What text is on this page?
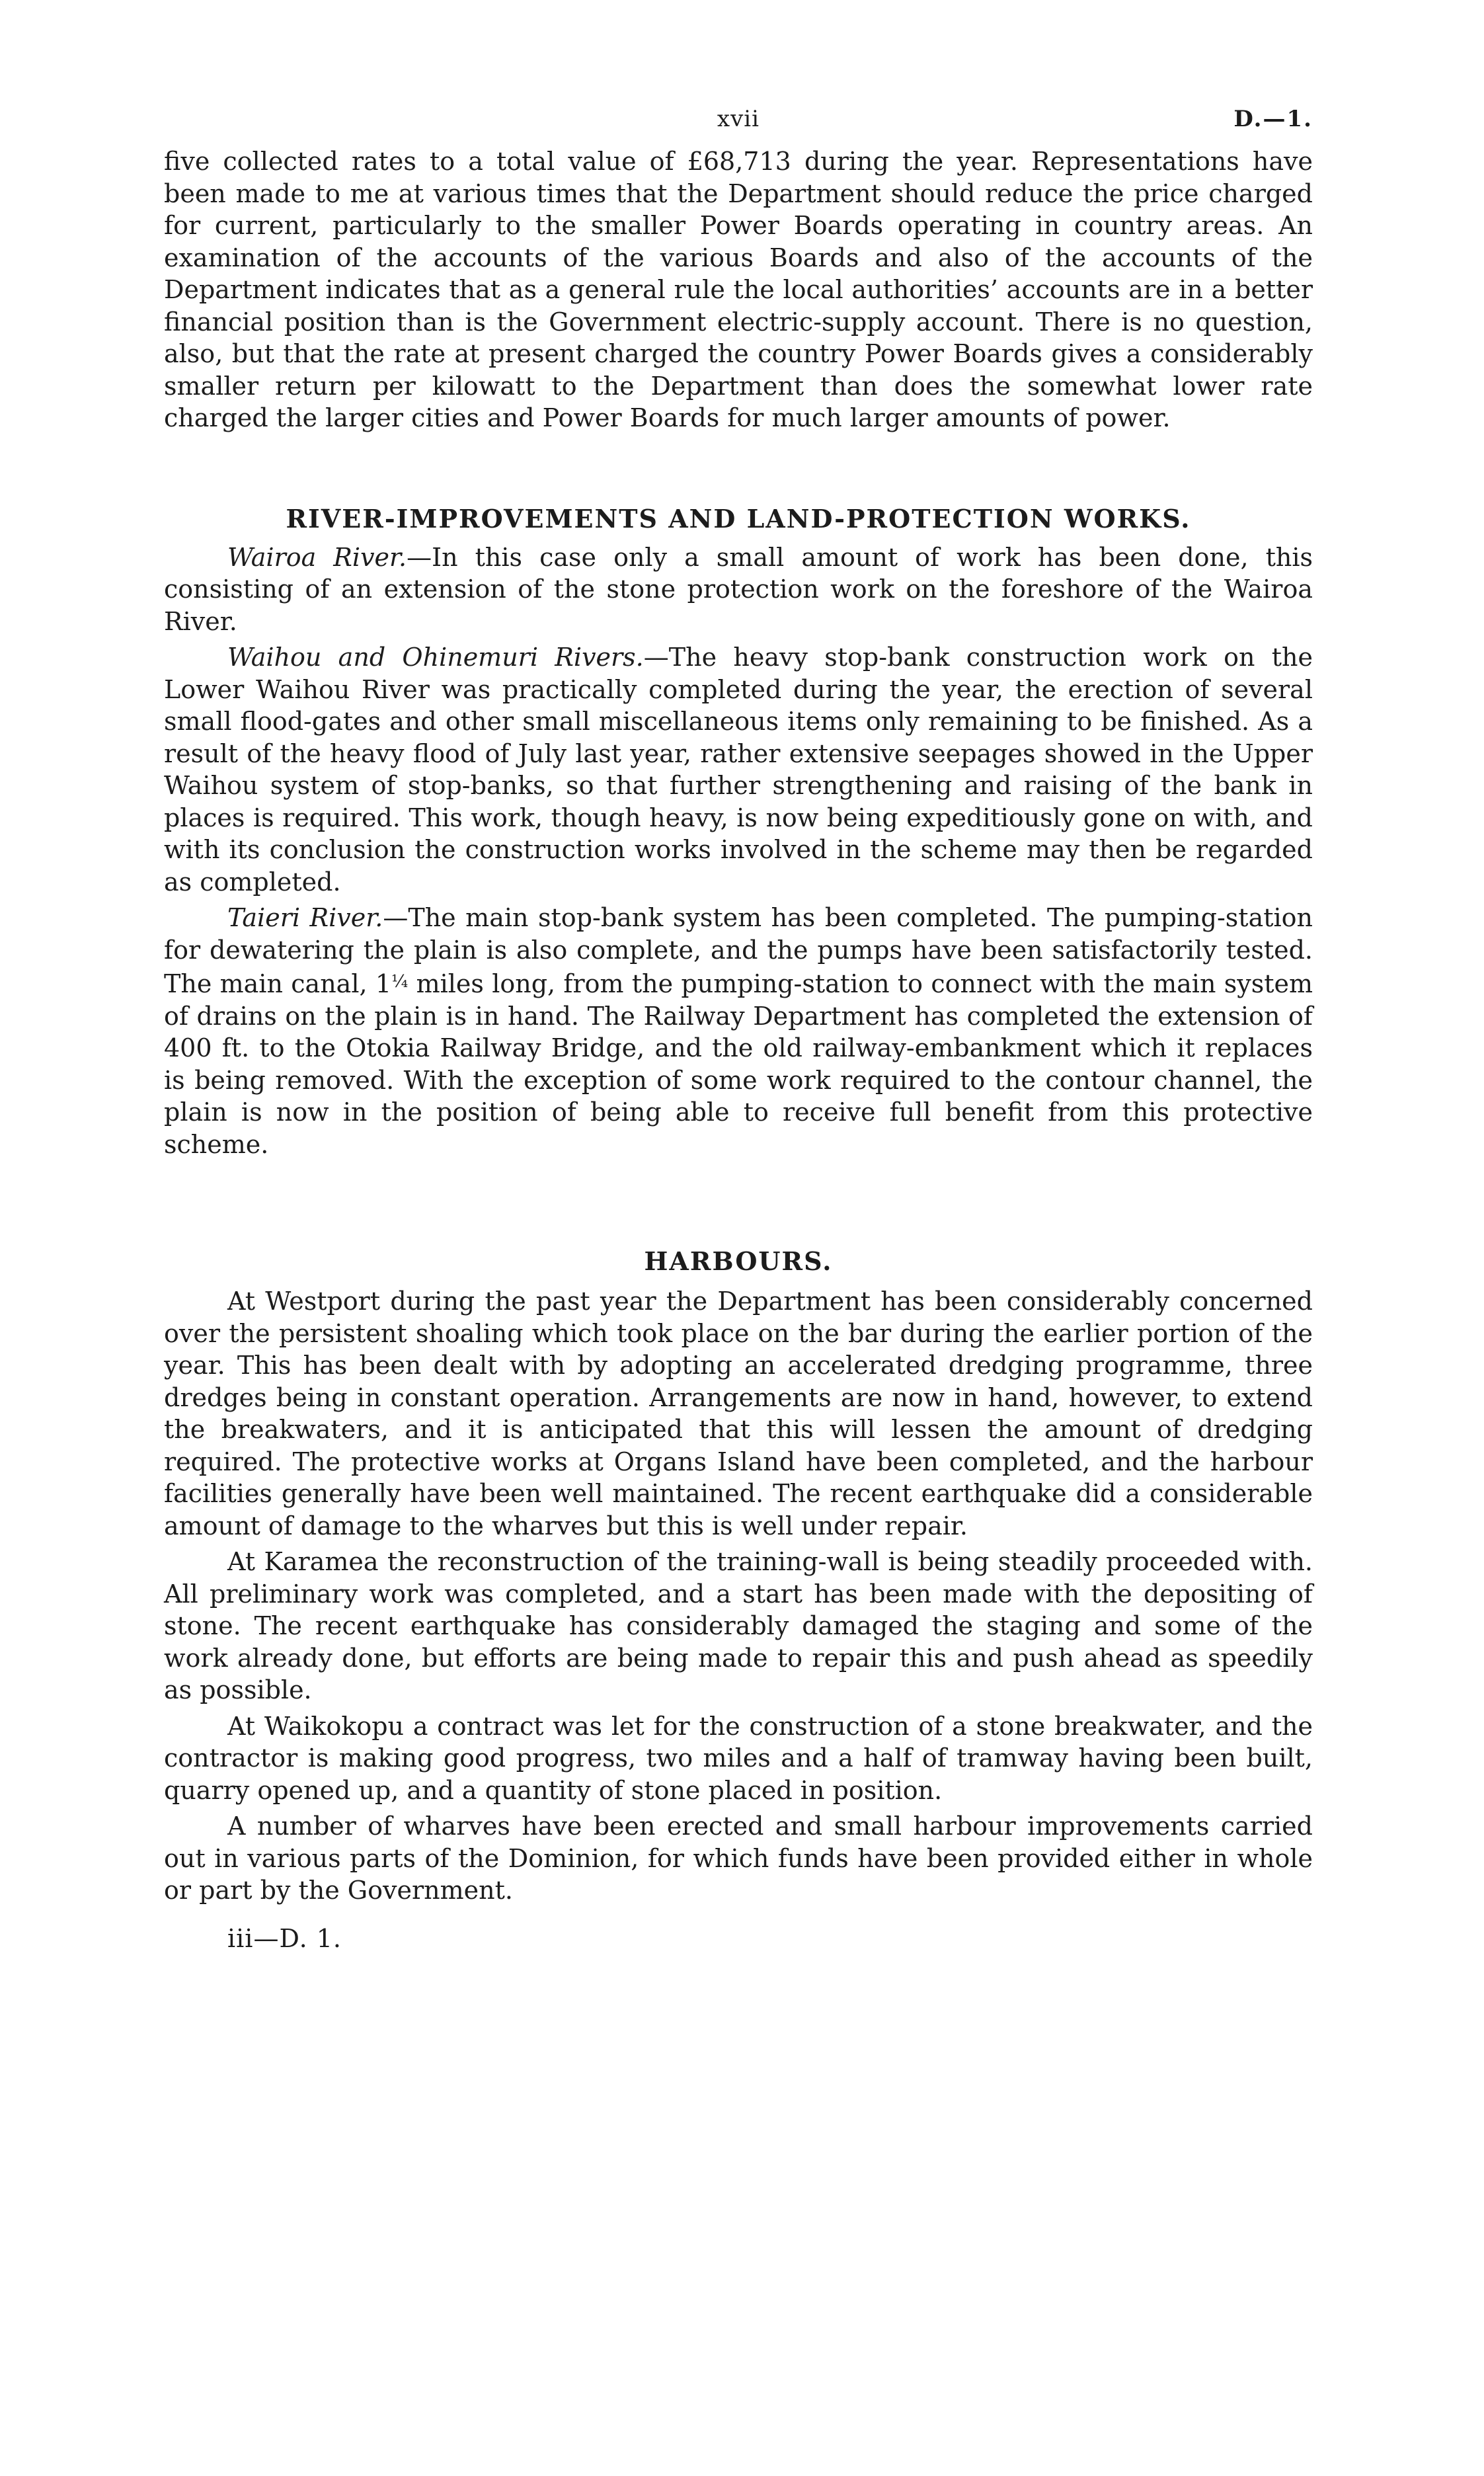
xvii	D.—1.

five collected rates to a total value of £68,713 during the year. Representations have been made to me at various times that the Department should reduce the price charged for current, particularly to the smaller Power Boards operating in country areas. An examination of the accounts of the various Boards and also of the accounts of the Department indicates that as a general rule the local authorities’ accounts are in a better financial position than is the Government electric-supply account. There is no question, also, but that the rate at present charged the country Power Boards gives a considerably smaller return per kilowatt to the Department than does the somewhat lower rate charged the larger cities and Power Boards for much larger amounts of power.

RIVER-IMPROVEMENTS AND LAND-PROTECTION WORKS.

Wairoa River.—In this case only a small amount of work has been done, this consisting of an extension of the stone protection work on the foreshore of the Wairoa River.

Waihou and Ohinemuri Rivers.—The heavy stop-bank construction work on the Lower Waihou River was practically completed during the year, the erection of several small flood-gates and other small miscellaneous items only remaining to be finished. As a result of the heavy flood of July last year, rather extensive seepages showed in the Upper Waihou system of stop-banks, so that further strengthening and raising of the bank in places is required. This work, though heavy, is now being expeditiously gone on with, and with its conclusion the construction works involved in the scheme may then be regarded as completed.

Taieri River.—The main stop-bank system has been completed. The pumping-station for dewatering the plain is also complete, and the pumps have been satisfactorily tested. The main canal, $1^{\frac{1}{4}}$ miles long, from the pumping-station to connect with the main system of drains on the plain is in hand. The Railway Department has completed the extension of 400 ft. to the Otokia Railway Bridge, and the old railway-embankment which it replaces is being removed. With the exception of some work required to the contour channel, the plain is now in the position of being able to receive full benefit from this protective scheme.

HARBOURS.

At Westport during the past year the Department has been considerably concerned over the persistent shoaling which took place on the bar during the earlier portion of the year. This has been dealt with by adopting an accelerated dredging programme, three dredges being in constant operation. Arrangements are now in hand, however, to extend the breakwaters, and it is anticipated that this will lessen the amount of dredging required. The protective works at Organs Island have been completed, and the harbour facilities generally have been well maintained. The recent earthquake did a considerable amount of damage to the wharves but this is well under repair.

At Karamea the reconstruction of the training-wall is being steadily proceeded with. All preliminary work was completed, and a start has been made with the depositing of stone. The recent earthquake has considerably damaged the staging and some of the work already done, but efforts are being made to repair this and push ahead as speedily as possible.

At Waikokopu a contract was let for the construction of a stone breakwater, and the contractor is making good progress, two miles and a half of tramway having been built, quarry opened up, and a quantity of stone placed in position.

A number of wharves have been erected and small harbour improvements carried out in various parts of the Dominion, for which funds have been provided either in whole or part by the Government.

iii—D. 1.
